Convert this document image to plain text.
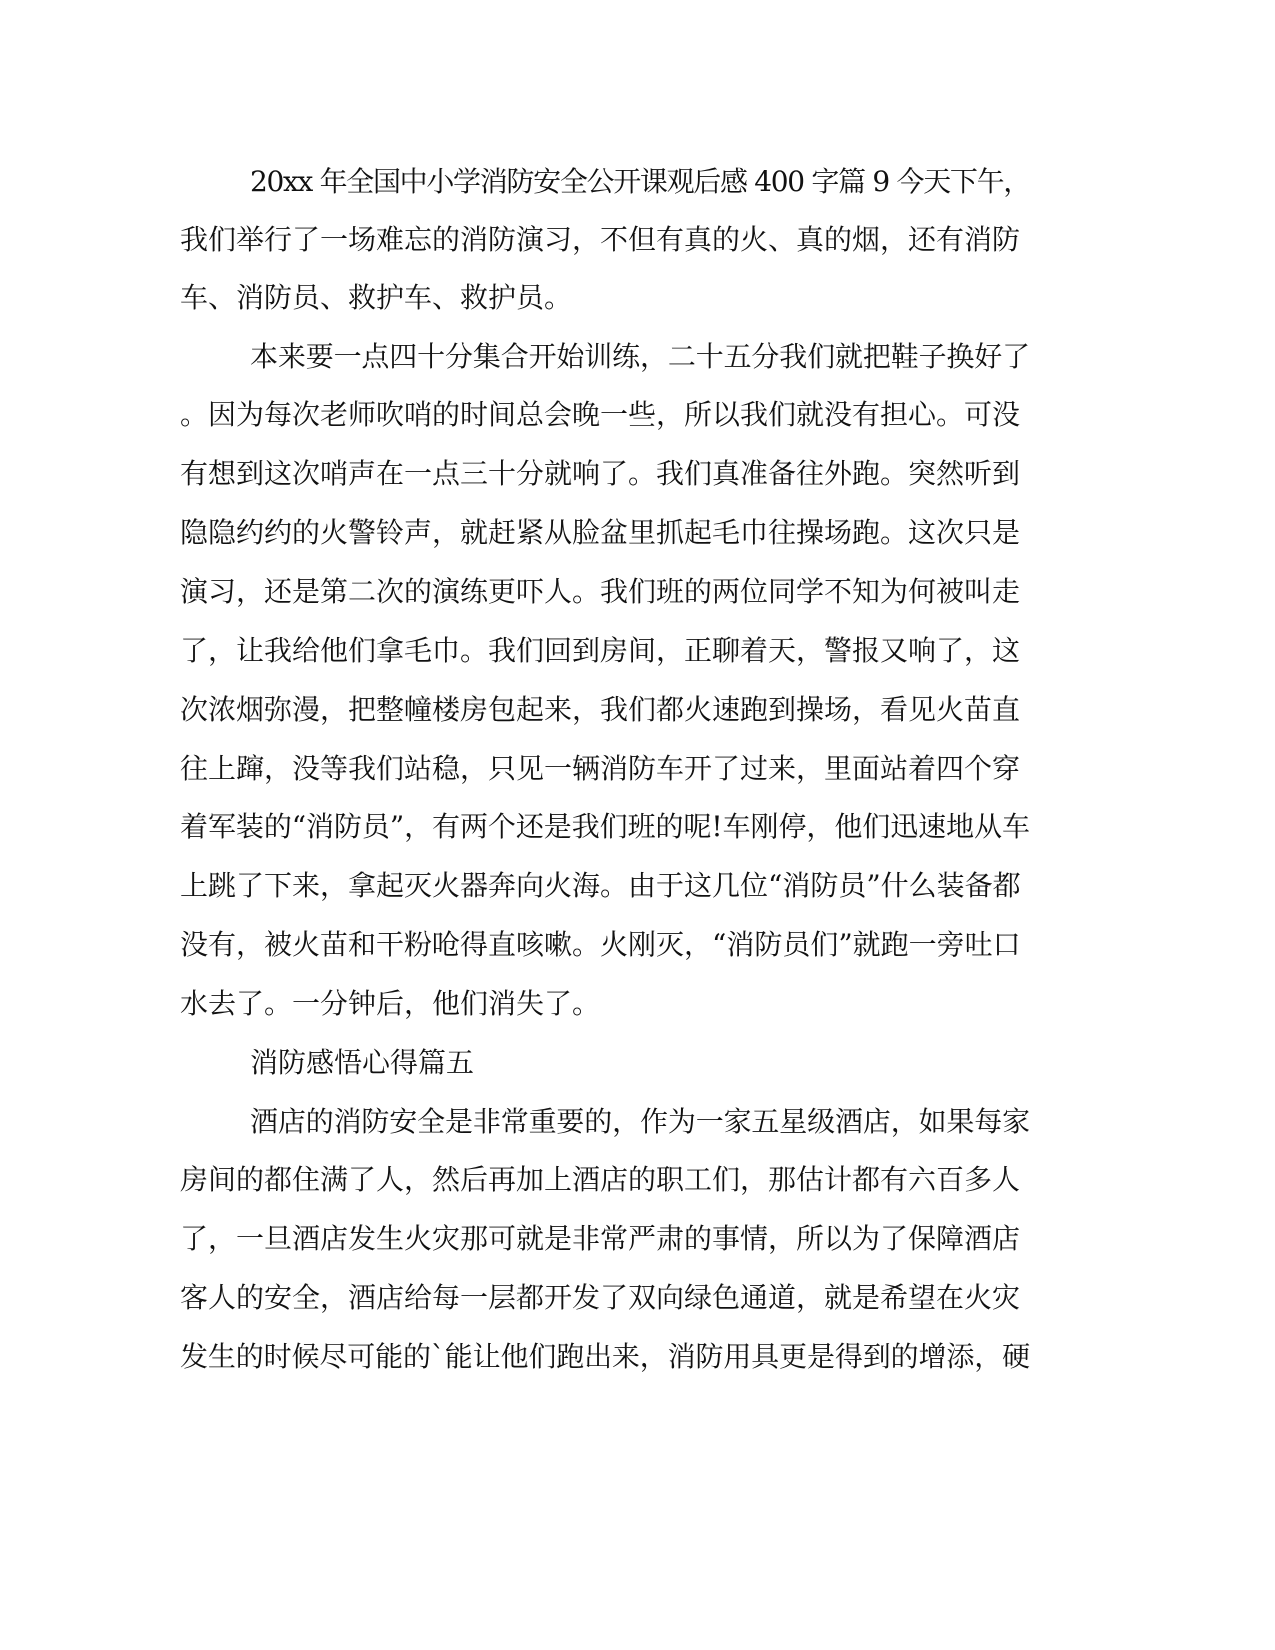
20xx 年全国中小学消防安全公开课观后感 400 字篇 9 今天下午，

我们举行了一场难忘的消防演习，不但有真的火、真的烟，还有消防

车、消防员、救护车、救护员。

本来要一点四十分集合开始训练，二十五分我们就把鞋子换好了

。因为每次老师吹哨的时间总会晚一些，所以我们就没有担心。可没

有想到这次哨声在一点三十分就响了。我们真准备往外跑。突然听到

隐隐约约的火警铃声，就赶紧从脸盆里抓起毛巾往操场跑。这次只是

演习，还是第二次的演练更吓人。我们班的两位同学不知为何被叫走

了，让我给他们拿毛巾。我们回到房间，正聊着天，警报又响了，这

次浓烟弥漫，把整幢楼房包起来，我们都火速跑到操场，看见火苗直

往上蹿，没等我们站稳，只见一辆消防车开了过来，里面站着四个穿

着军装的“消防员”，有两个还是我们班的呢!车刚停，他们迅速地从车

上跳了下来，拿起灭火器奔向火海。由于这几位“消防员”什么装备都

没有，被火苗和干粉呛得直咳嗽。火刚灭，“消防员们”就跑一旁吐口

水去了。一分钟后，他们消失了。

消防感悟心得篇五

酒店的消防安全是非常重要的，作为一家五星级酒店，如果每家

房间的都住满了人，然后再加上酒店的职工们，那估计都有六百多人

了，一旦酒店发生火灾那可就是非常严肃的事情，所以为了保障酒店

客人的安全，酒店给每一层都开发了双向绿色通道，就是希望在火灾

发生的时候尽可能的`能让他们跑出来，消防用具更是得到的增添，硬
